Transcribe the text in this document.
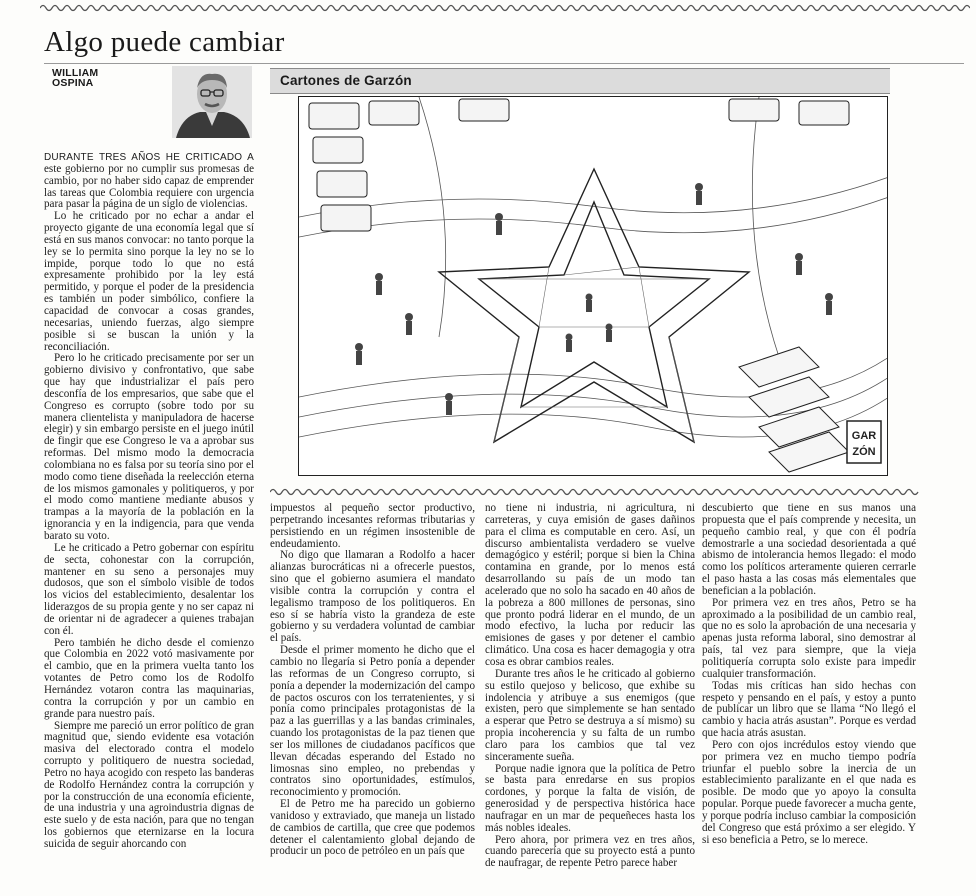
Algo puede cambiar
WILLIAM
OSPINA	Cartones de Garzón
GAR
ZÓN

DURANTE TRES AÑOS HE CRITICADO A este gobierno por no cumplir sus promesas de cambio, por no haber sido capaz de emprender las tareas que Colombia requiere con urgencia para pasar la página de un siglo de violencias.

Lo he criticado por no echar a andar el proyecto gigante de una economía legal que sí está en sus manos convocar: no tanto porque la ley se lo permita sino porque la ley no se lo impide, porque todo lo que no está expresamente prohibido por la ley está permitido, y porque el poder de la presidencia es también un poder simbólico, confiere la capacidad de convocar a cosas grandes, necesarias, uniendo fuerzas, algo siempre posible si se buscan la unión y la reconciliación.

Pero lo he criticado precisamente por ser un gobierno divisivo y confrontativo, que sabe que hay que industrializar el país pero desconfía de los empresarios, que sabe que el Congreso es corrupto (sobre todo por su manera clientelista y manipuladora de hacerse elegir) y sin embargo persiste en el juego inútil de fingir que ese Congreso le va a aprobar sus reformas. Del mismo modo la democracia colombiana no es falsa por su teoría sino por el modo como tiene diseñada la reelección eterna de los mismos gamonales y politiqueros, y por el modo como mantiene mediante abusos y trampas a la mayoría de la población en la ignorancia y en la indigencia, para que venda barato su voto.

Le he criticado a Petro gobernar con espíritu de secta, cohonestar con la corrupción, mantener en su seno a personajes muy dudosos, que son el símbolo visible de todos los vicios del establecimiento, desalentar los liderazgos de su propia gente y no ser capaz ni de orientar ni de agradecer a quienes trabajan con él.

Pero también he dicho desde el comienzo que Colombia en 2022 votó masivamente por el cambio, que en la primera vuelta tanto los votantes de Petro como los de Rodolfo Hernández votaron contra las maquinarias, contra la corrupción y por un cambio en grande para nuestro país.

Siempre me pareció un error político de gran magnitud que, siendo evidente esa votación masiva del electorado contra el modelo corrupto y politiquero de nuestra sociedad, Petro no haya acogido con respeto las banderas de Rodolfo Hernández contra la corrupción y por la construcción de una economía eficiente, de una industria y una agroindustria dignas de este suelo y de esta nación, para que no tengan los gobiernos que eternizarse en la locura suicida de seguir ahorcando con

impuestos al pequeño sector productivo, perpetrando incesantes reformas tributarias y persistiendo en un régimen insostenible de endeudamiento.

No digo que llamaran a Rodolfo a hacer alianzas burocráticas ni a ofrecerle puestos, sino que el gobierno asumiera el mandato visible contra la corrupción y contra el legalismo tramposo de los politiqueros. En eso sí se habría visto la grandeza de este gobierno y su verdadera voluntad de cambiar el país.

Desde el primer momento he dicho que el cambio no llegaría si Petro ponía a depender las reformas de un Congreso corrupto, si ponía a depender la modernización del campo de pactos oscuros con los terratenientes, y si ponía como principales protagonistas de la paz a las guerrillas y a las bandas criminales, cuando los protagonistas de la paz tienen que ser los millones de ciudadanos pacíficos que llevan décadas esperando del Estado no limosnas sino empleo, no prebendas y contratos sino oportunidades, estímulos, reconocimiento y promoción.

El de Petro me ha parecido un gobierno vanidoso y extraviado, que maneja un listado de cambios de cartilla, que cree que podemos detener el calentamiento global dejando de producir un poco de petróleo en un país que

no tiene ni industria, ni agricultura, ni carreteras, y cuya emisión de gases dañinos para el clima es computable en cero. Así, un discurso ambientalista verdadero se vuelve demagógico y estéril; porque si bien la China contamina en grande, por lo menos está desarrollando su país de un modo tan acelerado que no solo ha sacado en 40 años de la pobreza a 800 millones de personas, sino que pronto podrá liderar en el mundo, de un modo efectivo, la lucha por reducir las emisiones de gases y por detener el cambio climático. Una cosa es hacer demagogia y otra cosa es obrar cambios reales.

Durante tres años le he criticado al gobierno su estilo quejoso y belicoso, que exhibe su indolencia y atribuye a sus enemigos (que existen, pero que simplemente se han sentado a esperar que Petro se destruya a sí mismo) su propia incoherencia y su falta de un rumbo claro para los cambios que tal vez sinceramente sueña.

Porque nadie ignora que la política de Petro se basta para enredarse en sus propios cordones, y porque la falta de visión, de generosidad y de perspectiva histórica hace naufragar en un mar de pequeñeces hasta los más nobles ideales.

Pero ahora, por primera vez en tres años, cuando parecería que su proyecto está a punto de naufragar, de repente Petro parece haber

descubierto que tiene en sus manos una propuesta que el país comprende y necesita, un pequeño cambio real, y que con él podría demostrarle a una sociedad desorientada a qué abismo de intolerancia hemos llegado: el modo como los políticos arteramente quieren cerrarle el paso hasta a las cosas más elementales que benefician a la población.

Por primera vez en tres años, Petro se ha aproximado a la posibilidad de un cambio real, que no es solo la aprobación de una necesaria y apenas justa reforma laboral, sino demostrar al país, tal vez para siempre, que la vieja politiquería corrupta solo existe para impedir cualquier transformación.

Todas mis críticas han sido hechas con respeto y pensando en el país, y estoy a punto de publicar un libro que se llama “No llegó el cambio y hacia atrás asustan”. Porque es verdad que hacia atrás asustan.

Pero con ojos incrédulos estoy viendo que por primera vez en mucho tiempo podría triunfar el pueblo sobre la inercia de un establecimiento paralizante en el que nada es posible. De modo que yo apoyo la consulta popular. Porque puede favorecer a mucha gente, y porque podría incluso cambiar la composición del Congreso que está próximo a ser elegido. Y si eso beneficia a Petro, se lo merece.
